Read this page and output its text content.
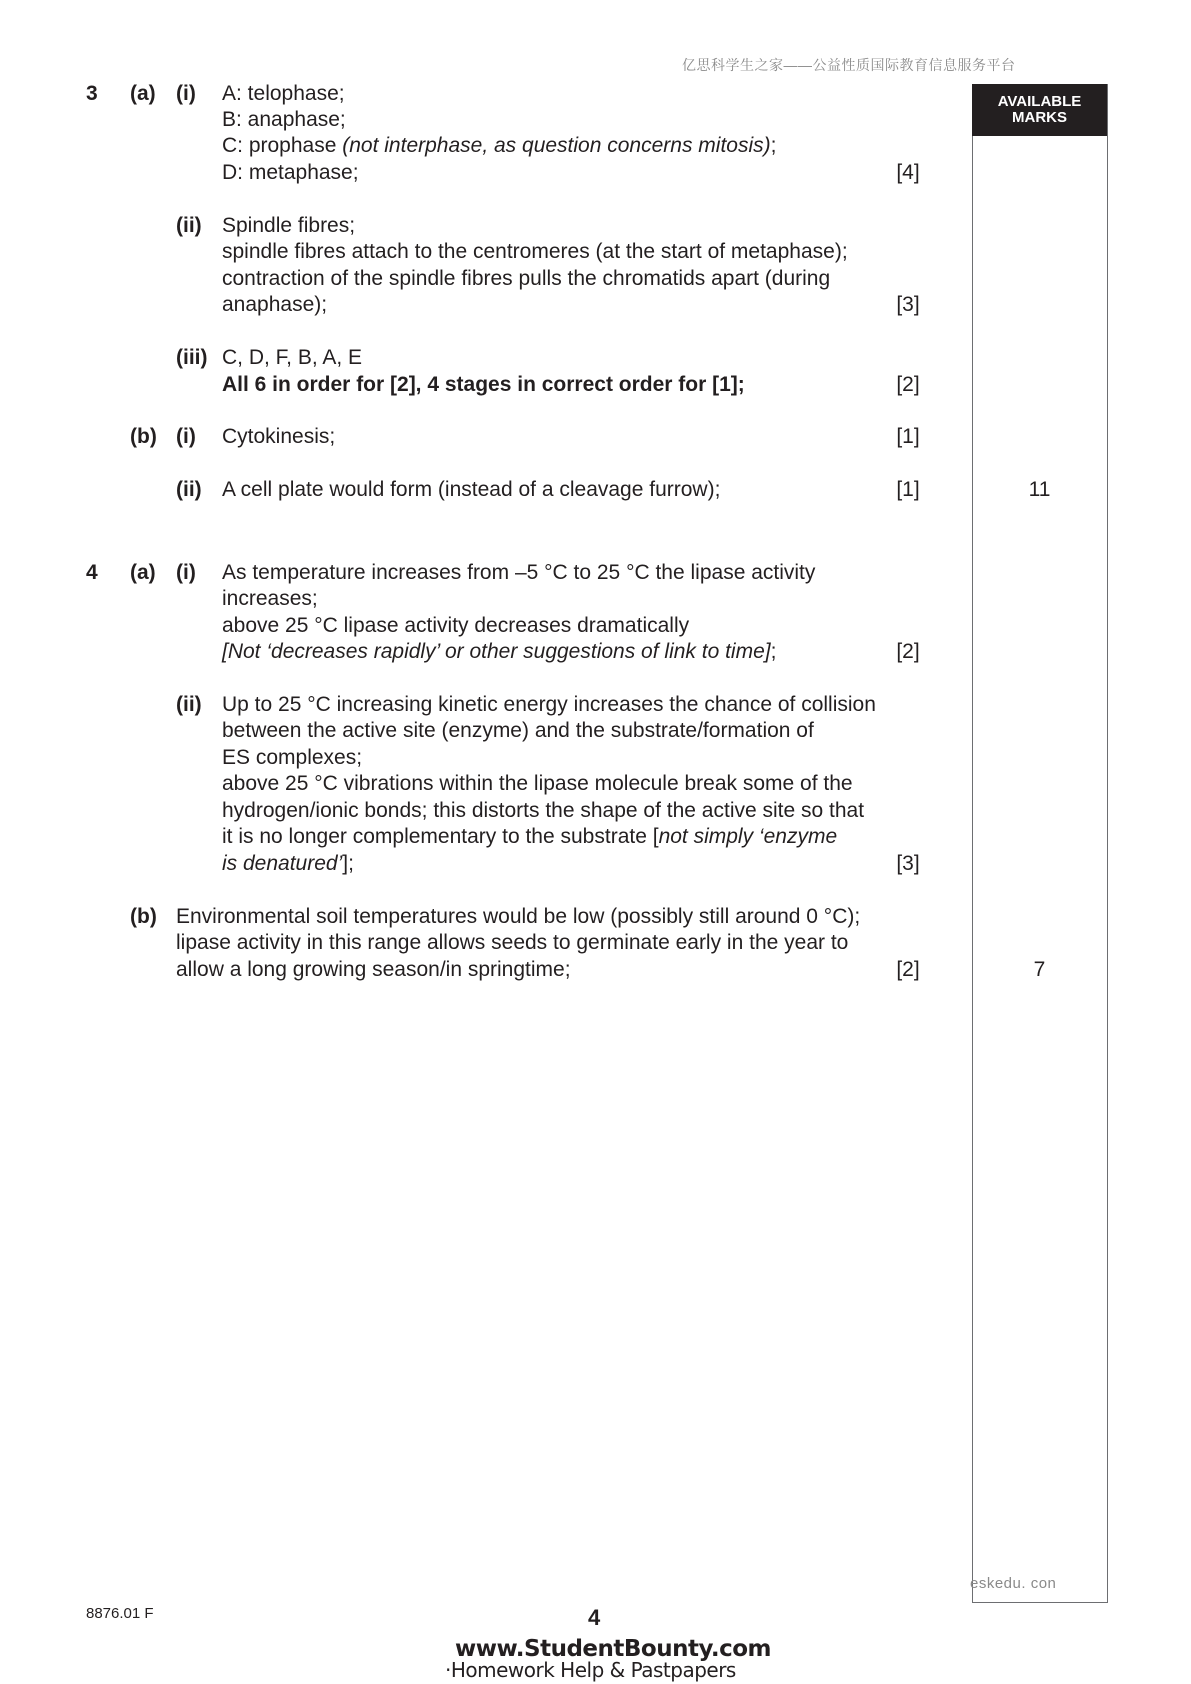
亿思科学生之家——公益性质国际教育信息服务平台
AVAILABLE
MARKS
3 (a) (i) A: telophase;
B: anaphase;
C: prophase (not interphase, as question concerns mitosis);
D: metaphase;	[4]
(ii) Spindle fibres;
spindle fibres attach to the centromeres (at the start of metaphase);
contraction of the spindle fibres pulls the chromatids apart (during
anaphase);	[3]
(iii) C, D, F, B, A, E
All 6 in order for [2], 4 stages in correct order for [1];	[2]
(b) (i) Cytokinesis;	[1]
(ii) A cell plate would form (instead of a cleavage furrow);	[1]	11
4 (a) (i) As temperature increases from –5 °C to 25 °C the lipase activity
increases;
above 25 °C lipase activity decreases dramatically
[Not ‘decreases rapidly’ or other suggestions of link to time];	[2]
(ii) Up to 25 °C increasing kinetic energy increases the chance of collision
between the active site (enzyme) and the substrate/formation of
ES complexes;
above 25 °C vibrations within the lipase molecule break some of the
hydrogen/ionic bonds; this distorts the shape of the active site so that
it is no longer complementary to the substrate [not simply ‘enzyme
is denatured’];	[3]
(b) Environmental soil temperatures would be low (possibly still around 0 °C);
lipase activity in this range allows seeds to germinate early in the year to
allow a long growing season/in springtime;	[2]	7
eskedu. con
8876.01 F	4
www.StudentBounty.com
·Homework Help & Pastpapers
